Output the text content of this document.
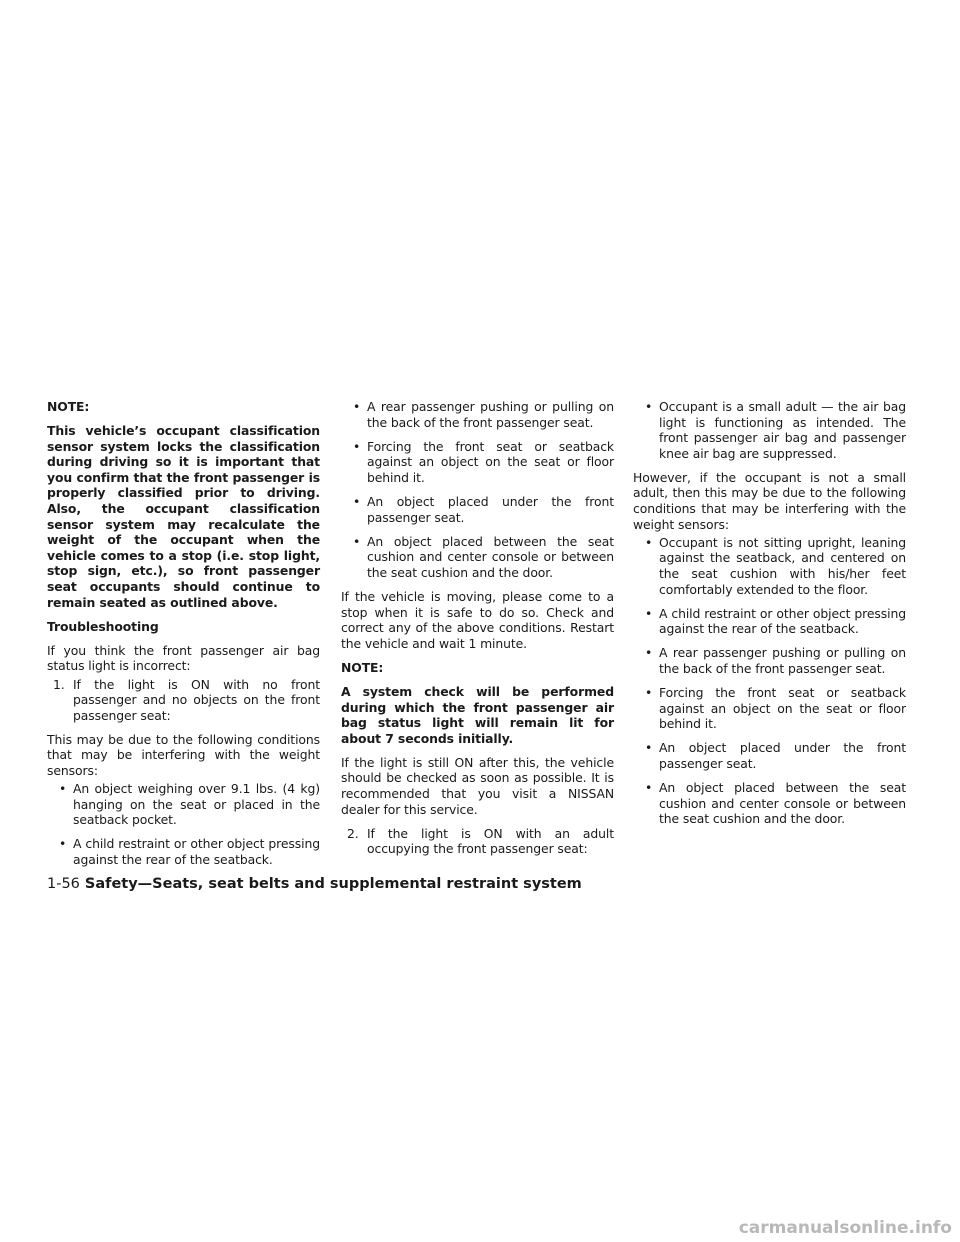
NOTE:

This vehicle’s occupant classification sensor system locks the classification during driving so it is important that you confirm that the front passenger is properly classified prior to driving. Also, the occupant classification sensor system may recalculate the weight of the occupant when the vehicle comes to a stop (i.e. stop light, stop sign, etc.), so front passenger seat occupants should continue to remain seated as outlined above.

Troubleshooting

If you think the front passenger air bag status light is incorrect:

1. If the light is ON with no front passenger and no objects on the front passenger seat:

This may be due to the following conditions that may be interfering with the weight sensors:

• An object weighing over 9.1 lbs. (4 kg) hanging on the seat or placed in the seatback pocket.
• A child restraint or other object pressing against the rear of the seatback.
• A rear passenger pushing or pulling on the back of the front passenger seat.
• Forcing the front seat or seatback against an object on the seat or floor behind it.
• An object placed under the front passenger seat.
• An object placed between the seat cushion and center console or between the seat cushion and the door.

If the vehicle is moving, please come to a stop when it is safe to do so. Check and correct any of the above conditions. Restart the vehicle and wait 1 minute.

NOTE:

A system check will be performed during which the front passenger air bag status light will remain lit for about 7 seconds initially.

If the light is still ON after this, the vehicle should be checked as soon as possible. It is recommended that you visit a NISSAN dealer for this service.

2. If the light is ON with an adult occupying the front passenger seat:
• Occupant is a small adult — the air bag light is functioning as intended. The front passenger air bag and passenger knee air bag are suppressed.

However, if the occupant is not a small adult, then this may be due to the following conditions that may be interfering with the weight sensors:

• Occupant is not sitting upright, leaning against the seatback, and centered on the seat cushion with his/her feet comfortably extended to the floor.
• A child restraint or other object pressing against the rear of the seatback.
• A rear passenger pushing or pulling on the back of the front passenger seat.
• Forcing the front seat or seatback against an object on the seat or floor behind it.
• An object placed under the front passenger seat.
• An object placed between the seat cushion and center console or between the seat cushion and the door.
1-56 Safety—Seats, seat belts and supplemental restraint system
carmanualsonline.info
